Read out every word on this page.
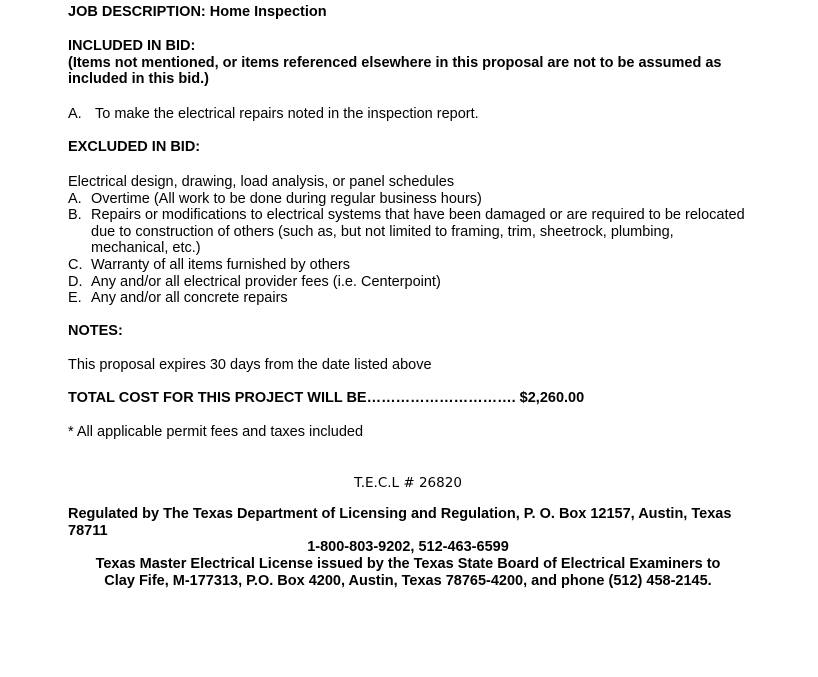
JOB DESCRIPTION: Home Inspection

INCLUDED IN BID:

(Items not mentioned, or items referenced elsewhere in this proposal are not to be assumed as included in this bid.)

A. To make the electrical repairs noted in the inspection report.

EXCLUDED IN BID:

Electrical design, drawing, load analysis, or panel schedules

A. Overtime (All work to be done during regular business hours)
B. Repairs or modifications to electrical systems that have been damaged or are required to be relocated due to construction of others (such as, but not limited to framing, trim, sheetrock, plumbing, mechanical, etc.)
C. Warranty of all items furnished by others
D. Any and/or all electrical provider fees (i.e. Centerpoint)
E. Any and/or all concrete repairs

NOTES:

This proposal expires 30 days from the date listed above

TOTAL COST FOR THIS PROJECT WILL BE…………………………. $2,260.00

* All applicable permit fees and taxes included

T.E.C.L # 26820

Regulated by The Texas Department of Licensing and Regulation, P. O. Box 12157, Austin, Texas 78711

1-800-803-9202, 512-463-6599

Texas Master Electrical License issued by the Texas State Board of Electrical Examiners to

Clay Fife, M-177313, P.O. Box 4200, Austin, Texas 78765-4200, and phone (512) 458-2145.
